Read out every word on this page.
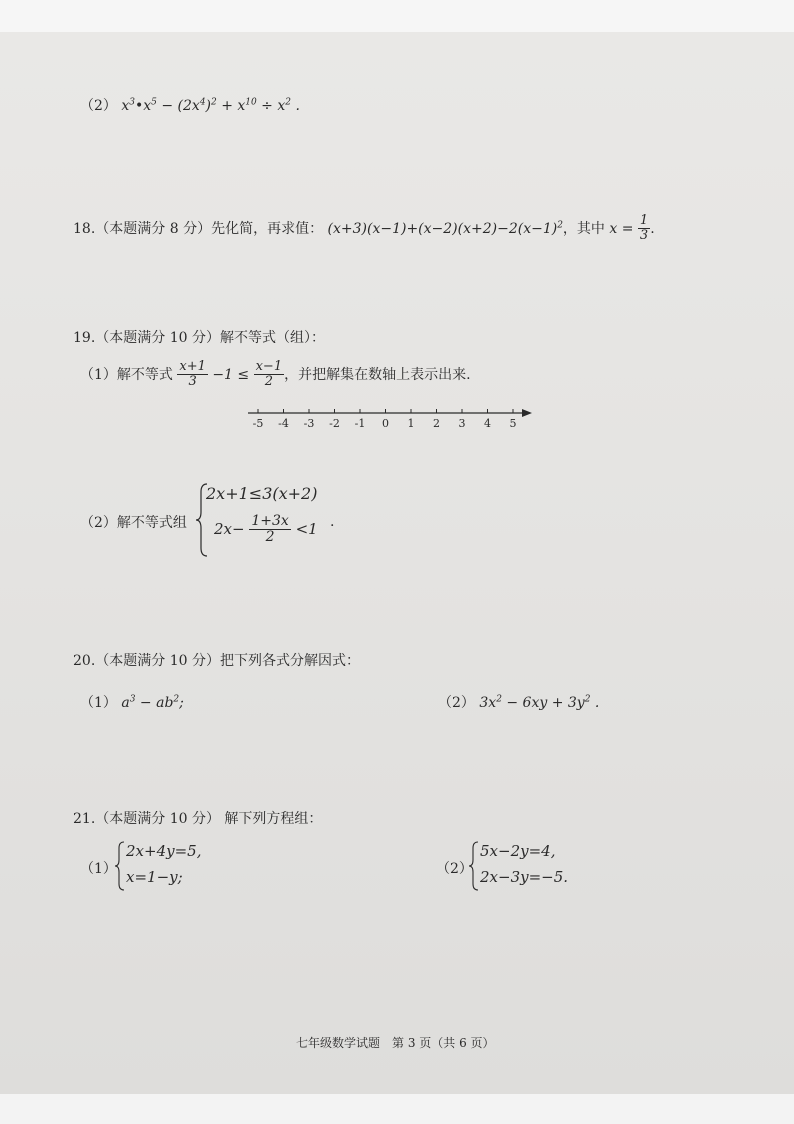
（2） $x^3•x^5 - (2x^4)^2 + x^{10} \div x^2$ .
18.（本题满分 8 分）先化简，再求值： $(x+3)(x-1)+(x-2)(x+2)-2(x-1)^2$，其中 $x = \frac{1}{3}$ .
19.（本题满分 10 分）解不等式（组）：
（1）解不等式 $\frac{x+1}{3} -1 \le \frac{x-1}{2}$ ，并把解集在数轴上表示出来.
-5 -4 -3 -2 -1 0 1 2 3 4 5
（2）解不等式组
2x+1≤3(x+2)
$2x- \frac{1+3x}{2} <1$ .
20.（本题满分 10 分）把下列各式分解因式：
（1） $a^3 - ab^2$;	（2） $3x^2 - 6xy + 3y^2$ .
21.（本题满分 10 分） 解下列方程组：
（1）
2x+4y=5,
x=1−y;	（2）
5x−2y=4,
2x−3y=−5.
七年级数学试题　第 3 页（共 6 页）
